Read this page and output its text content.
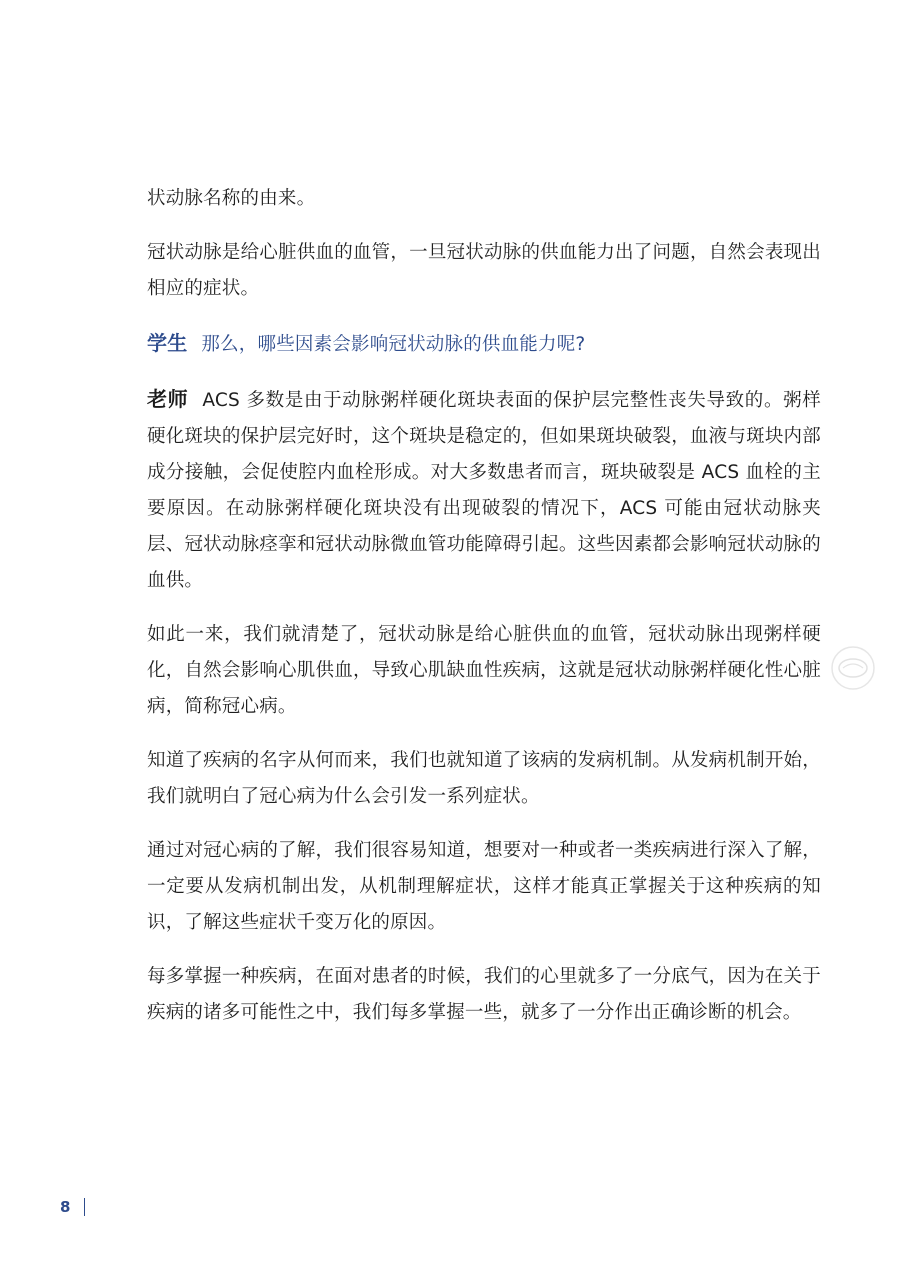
状动脉名称的由来。

冠状动脉是给心脏供血的血管，一旦冠状动脉的供血能力出了问题，自然会表现出相应的症状。

学生 那么，哪些因素会影响冠状动脉的供血能力呢?

老师 ACS 多数是由于动脉粥样硬化斑块表面的保护层完整性丧失导致的。粥样硬化斑块的保护层完好时，这个斑块是稳定的，但如果斑块破裂，血液与斑块内部成分接触，会促使腔内血栓形成。对大多数患者而言，斑块破裂是 ACS 血栓的主要原因。在动脉粥样硬化斑块没有出现破裂的情况下，ACS 可能由冠状动脉夹层、冠状动脉痉挛和冠状动脉微血管功能障碍引起。这些因素都会影响冠状动脉的血供。

如此一来，我们就清楚了，冠状动脉是给心脏供血的血管，冠状动脉出现粥样硬化，自然会影响心肌供血，导致心肌缺血性疾病，这就是冠状动脉粥样硬化性心脏病，简称冠心病。

知道了疾病的名字从何而来，我们也就知道了该病的发病机制。从发病机制开始，我们就明白了冠心病为什么会引发一系列症状。

通过对冠心病的了解，我们很容易知道，想要对一种或者一类疾病进行深入了解，一定要从发病机制出发，从机制理解症状，这样才能真正掌握关于这种疾病的知识，了解这些症状千变万化的原因。

每多掌握一种疾病，在面对患者的时候，我们的心里就多了一分底气，因为在关于疾病的诸多可能性之中，我们每多掌握一些，就多了一分作出正确诊断的机会。

8
